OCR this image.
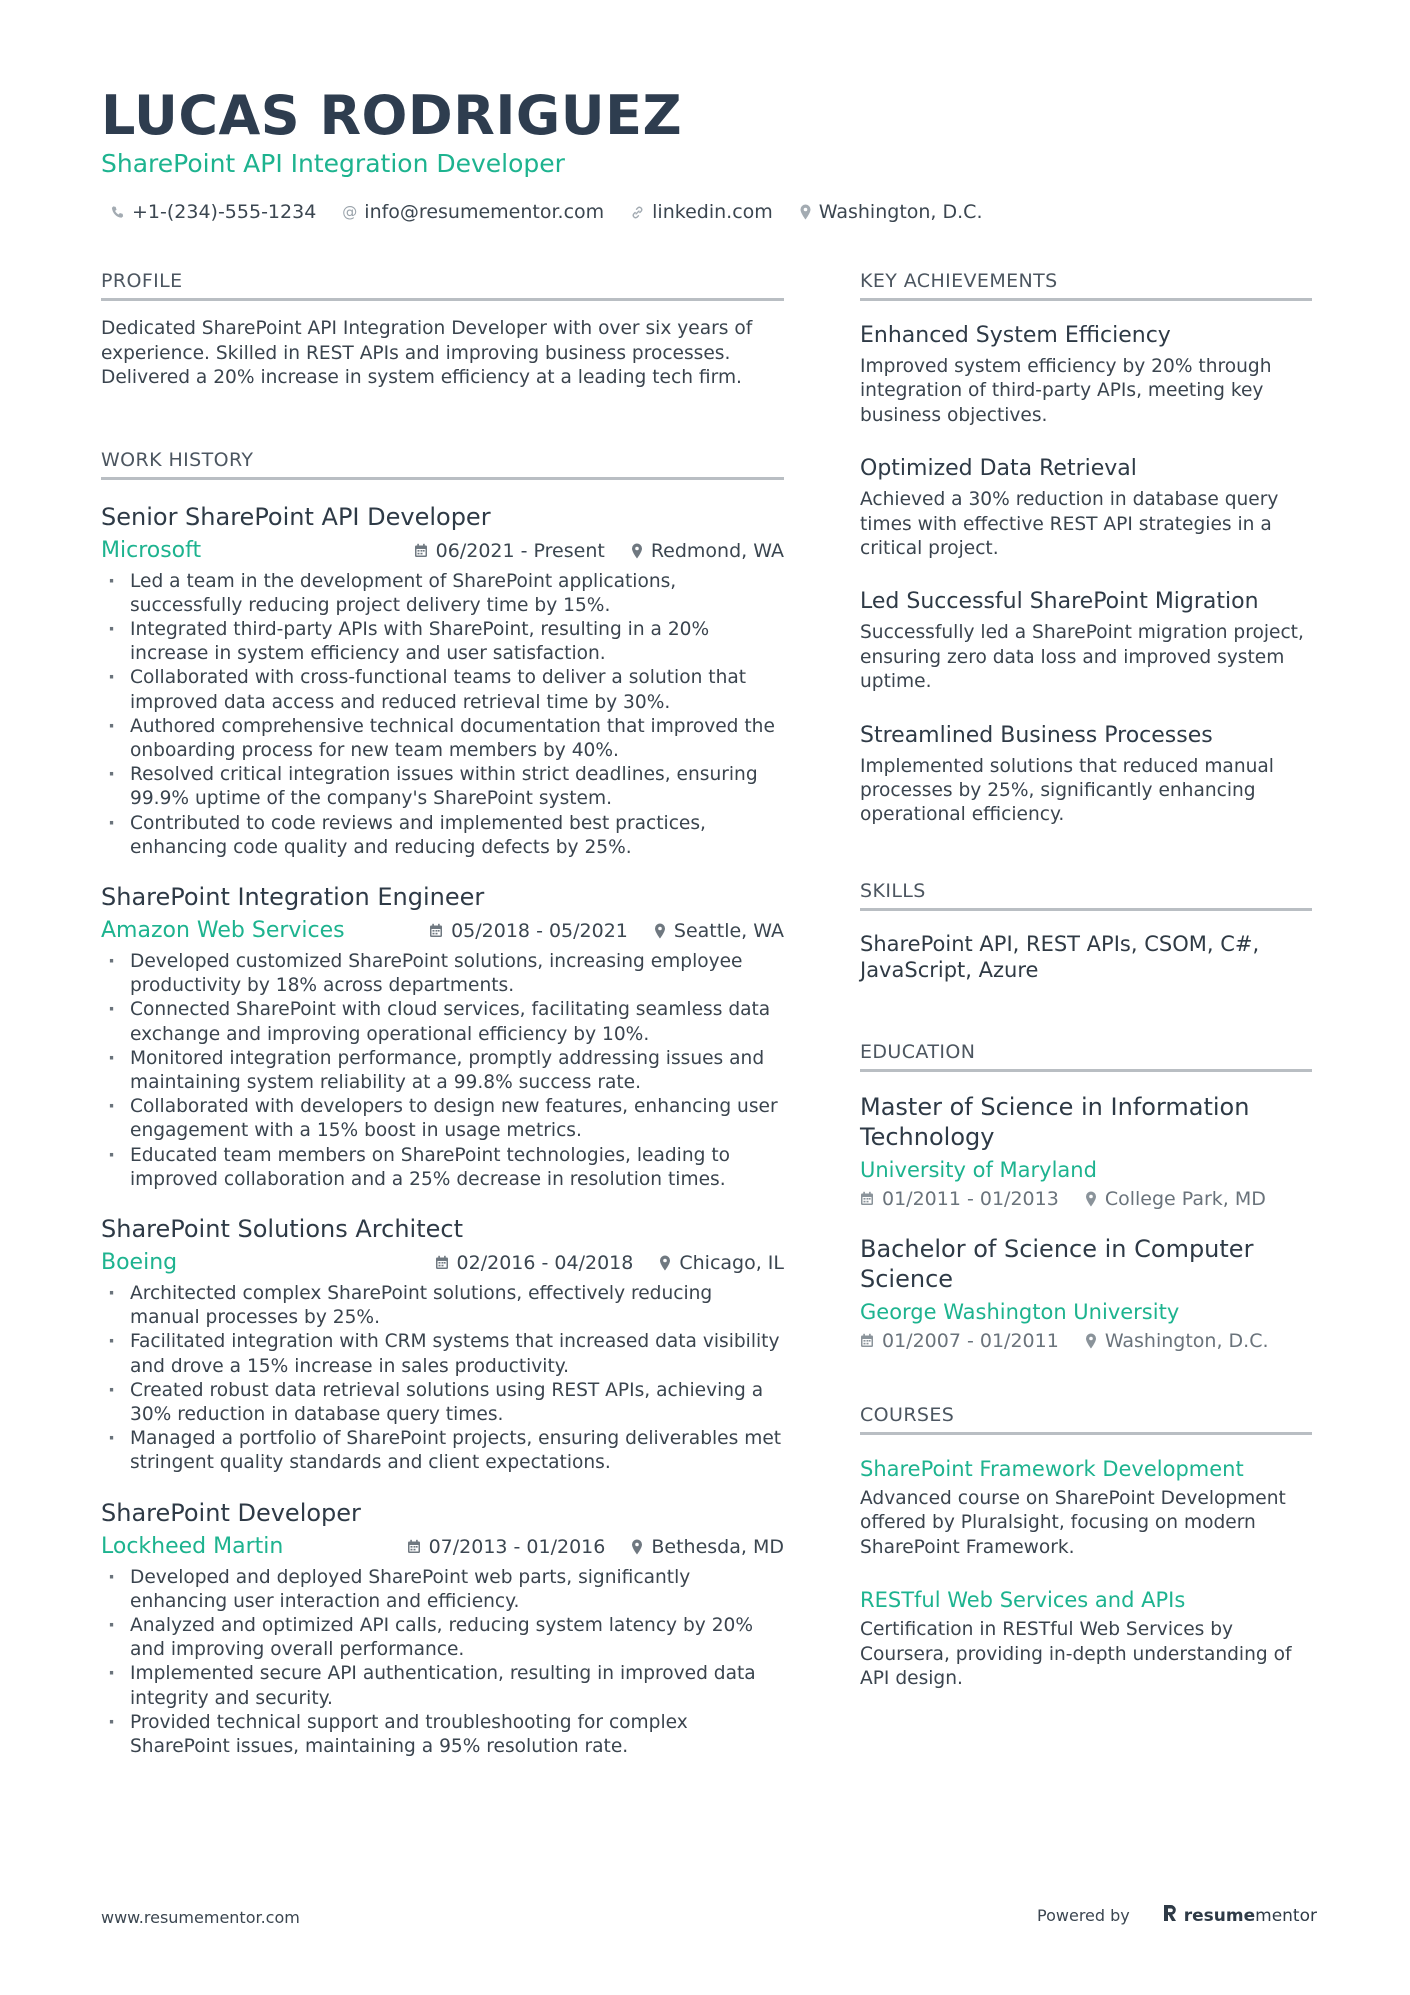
LUCAS RODRIGUEZ
SharePoint API Integration Developer
+1-(234)-555-1234 @ info@resumementor.com	linkedin.com Washington, D.C.
PROFILE
Dedicated SharePoint API Integration Developer with over six years of experience. Skilled in REST APIs and improving business processes. Delivered a 20% increase in system efficiency at a leading tech firm.
WORK HISTORY
Senior SharePoint API Developer
Microsoft	06/2021 - Present Redmond, WA
· Led a team in the development of SharePoint applications, successfully reducing project delivery time by 15%.
· Integrated third-party APIs with SharePoint, resulting in a 20% increase in system efficiency and user satisfaction.
· Collaborated with cross-functional teams to deliver a solution that improved data access and reduced retrieval time by 30%.
· Authored comprehensive technical documentation that improved the onboarding process for new team members by 40%.
· Resolved critical integration issues within strict deadlines, ensuring 99.9% uptime of the company's SharePoint system.
· Contributed to code reviews and implemented best practices, enhancing code quality and reducing defects by 25%.
SharePoint Integration Engineer
Amazon Web Services	05/2018 - 05/2021 Seattle, WA
· Developed customized SharePoint solutions, increasing employee productivity by 18% across departments.
· Connected SharePoint with cloud services, facilitating seamless data exchange and improving operational efficiency by 10%.
· Monitored integration performance, promptly addressing issues and maintaining system reliability at a 99.8% success rate.
· Collaborated with developers to design new features, enhancing user engagement with a 15% boost in usage metrics.
· Educated team members on SharePoint technologies, leading to improved collaboration and a 25% decrease in resolution times.
SharePoint Solutions Architect
Boeing	02/2016 - 04/2018 Chicago, IL
· Architected complex SharePoint solutions, effectively reducing manual processes by 25%.
· Facilitated integration with CRM systems that increased data visibility and drove a 15% increase in sales productivity.
· Created robust data retrieval solutions using REST APIs, achieving a 30% reduction in database query times.
· Managed a portfolio of SharePoint projects, ensuring deliverables met stringent quality standards and client expectations.
SharePoint Developer
Lockheed Martin	07/2013 - 01/2016 Bethesda, MD
· Developed and deployed SharePoint web parts, significantly enhancing user interaction and efficiency.
· Analyzed and optimized API calls, reducing system latency by 20% and improving overall performance.
· Implemented secure API authentication, resulting in improved data integrity and security.
· Provided technical support and troubleshooting for complex SharePoint issues, maintaining a 95% resolution rate.
KEY ACHIEVEMENTS
Enhanced System Efficiency
Improved system efficiency by 20% through integration of third-party APIs, meeting key business objectives.
Optimized Data Retrieval
Achieved a 30% reduction in database query times with effective REST API strategies in a critical project.
Led Successful SharePoint Migration
Successfully led a SharePoint migration project, ensuring zero data loss and improved system uptime.
Streamlined Business Processes
Implemented solutions that reduced manual processes by 25%, significantly enhancing operational efficiency.
SKILLS
SharePoint API, REST APIs, CSOM, C#, JavaScript, Azure
EDUCATION
Master of Science in Information Technology
University of Maryland
01/2011 - 01/2013 College Park, MD
Bachelor of Science in Computer Science
George Washington University
01/2007 - 01/2011 Washington, D.C.
COURSES
SharePoint Framework Development
Advanced course on SharePoint Development offered by Pluralsight, focusing on modern SharePoint Framework.
RESTful Web Services and APIs
Certification in RESTful Web Services by Coursera, providing in-depth understanding of API design.
www.resumementor.com	Powered by	resume mentor
